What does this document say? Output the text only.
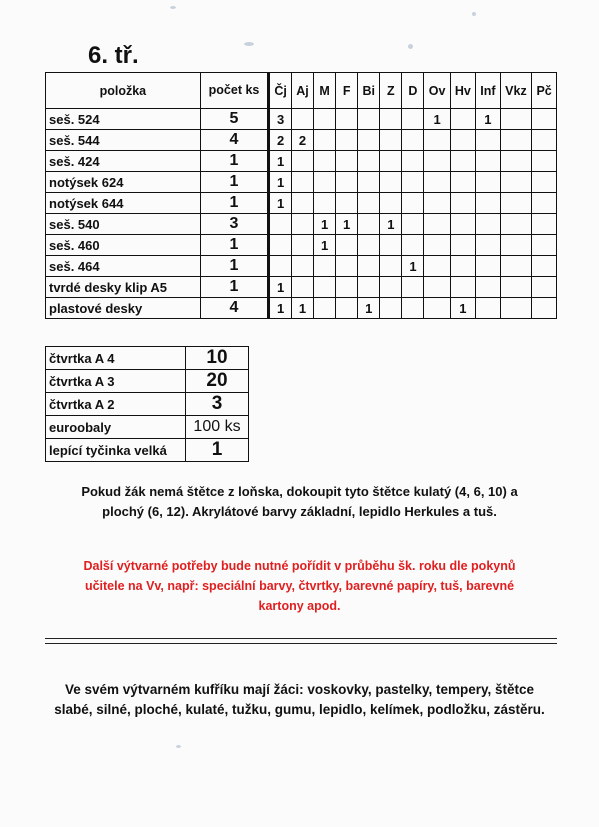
6. tř.
položka	počet ks	Čj	Aj	M	F	Bi	Z	D	Ov	Hv	Inf	Vkz	Pč
seš. 524	5	3							1		1		
seš. 544	4	2	2										
seš. 424	1	1											
notýsek 624	1	1											
notýsek 644	1	1											
seš. 540	3			1	1		1						
seš. 460	1			1									
seš. 464	1							1					
tvrdé desky klip A5	1	1											
plastové desky	4	1	1			1				1			
čtvrtka A 4	10
čtvrtka A 3	20
čtvrtka A 2	3
euroobaly	100 ks
lepící tyčinka velká	1
Pokud žák nemá štětce z loňska, dokoupit tyto štětce kulatý (4, 6, 10) a
plochý (6, 12). Akrylátové barvy základní, lepidlo Herkules a tuš.
Další výtvarné potřeby bude nutné pořídit v průběhu šk. roku dle pokynů
učitele na Vv, např: speciální barvy, čtvrtky, barevné papíry, tuš, barevné
kartony apod.
Ve svém výtvarném kufříku mají žáci: voskovky, pastelky, tempery, štětce
slabé, silné, ploché, kulaté, tužku, gumu, lepidlo, kelímek, podložku, zástěru.
